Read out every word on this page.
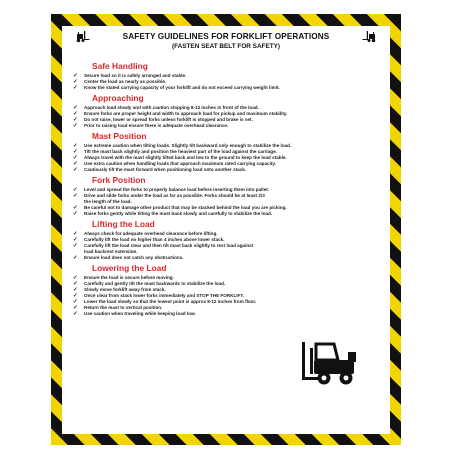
SAFETY GUIDELINES FOR FORKLIFT OPERATIONS
(FASTEN SEAT BELT FOR SAFETY)
Safe Handling
✓ Secure load so it is safely arranged and stable.
✓ Center the load as nearly as possible.
✓ Know the stated carrying capacity of your forklift and do not exceed carrying weight limit.
Approaching
✓ Approach load slowly and with caution stopping 8-12 inches in front of the load.
✓ Ensure forks are proper height and width to approach load for pickup and maximum stability.
✓ Do not raise, lower or spread forks unless forklift is stopped and brake is set.
✓ Prior to raising load ensure there is adequate overhead clearance.
Mast Position
✓ Use extreme caution when tilting loads. Slightly tilt backward only enough to stabilize the load.
✓ Tilt the mast back slightly and position the heaviest part of the load against the carriage.
✓ Always travel with the mast slightly tilted back and low to the ground to keep the load stable.
✓ Use extra caution when handling loads that approach maximum rated carrying capacity.
✓ Cautiously tilt the mast forward when positioning load onto another stack.
Fork Position
✓ Level and spread the forks to properly balance load before inserting them into pallet.
✓ Drive and slide forks under the load as far as possible. Forks should be at least 2/3
the length of the load.
✓ Be careful not to damage other product that may be stacked behind the load you are picking.
✓ Raise forks gently while tilting the mast back slowly and carefully to stabilize the load.
Lifting the Load
✓ Always check for adequate overhead clearance before lifting.
✓ Carefully lift the load no higher than 4 inches above lower stack.
✓ Carefully lift the load clear and then tilt mast back slightly to rest load against
load backrest extension.
✓ Ensure load does not catch any obstructions.
Lowering the Load
✓ Ensure the load is secure before moving.
✓ Carefully and gently tilt the mast backwards to stabilize the load.
✓ Slowly move forklift away from stack.
✓ Once clear from stack lower forks immediately and STOP THE FORKLIFT.
✓ Lower the load slowly so that the lowest point is approx 8-12 inches from floor.
✓ Return the mast to vertical position.
✓ Use caution when traveling while keeping load low.
